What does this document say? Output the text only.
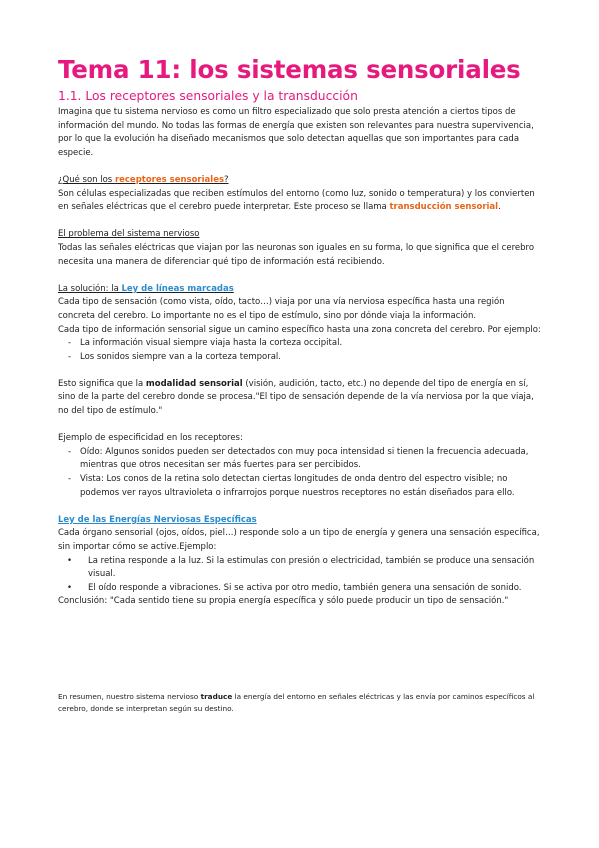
Tema 11: los sistemas sensoriales
1.1. Los receptores sensoriales y la transducción

Imagina que tu sistema nervioso es como un filtro especializado que solo presta atención a ciertos tipos de información del mundo. No todas las formas de energía que existen son relevantes para nuestra supervivencia, por lo que la evolución ha diseñado mecanismos que solo detectan aquellas que son importantes para cada especie.

¿Qué son los receptores sensoriales?

Son células especializadas que reciben estímulos del entorno (como luz, sonido o temperatura) y los convierten en señales eléctricas que el cerebro puede interpretar. Este proceso se llama transducción sensorial.

El problema del sistema nervioso

Todas las señales eléctricas que viajan por las neuronas son iguales en su forma, lo que significa que el cerebro necesita una manera de diferenciar qué tipo de información está recibiendo.

La solución: la Ley de líneas marcadas

Cada tipo de sensación (como vista, oído, tacto…) viaja por una vía nerviosa específica hasta una región concreta del cerebro. Lo importante no es el tipo de estímulo, sino por dónde viaja la información.

Cada tipo de información sensorial sigue un camino específico hasta una zona concreta del cerebro. Por ejemplo:

- La información visual siempre viaja hasta la corteza occipital.
- Los sonidos siempre van a la corteza temporal.

Esto significa que la modalidad sensorial (visión, audición, tacto, etc.) no depende del tipo de energía en sí, sino de la parte del cerebro donde se procesa."El tipo de sensación depende de la vía nerviosa por la que viaja, no del tipo de estímulo."

Ejemplo de especificidad en los receptores:

- Oído: Algunos sonidos pueden ser detectados con muy poca intensidad si tienen la frecuencia adecuada, mientras que otros necesitan ser más fuertes para ser percibidos.
- Vista: Los conos de la retina solo detectan ciertas longitudes de onda dentro del espectro visible; no podemos ver rayos ultravioleta o infrarrojos porque nuestros receptores no están diseñados para ello.

Ley de las Energías Nerviosas Específicas

Cada órgano sensorial (ojos, oídos, piel…) responde solo a un tipo de energía y genera una sensación específica, sin importar cómo se active.Ejemplo:

• La retina responde a la luz. Si la estimulas con presión o electricidad, también se produce una sensación visual.
• El oído responde a vibraciones. Si se activa por otro medio, también genera una sensación de sonido.

Conclusión: "Cada sentido tiene su propia energía específica y sólo puede producir un tipo de sensación."

En resumen, nuestro sistema nervioso traduce la energía del entorno en señales eléctricas y las envía por caminos específicos al cerebro, donde se interpretan según su destino.
